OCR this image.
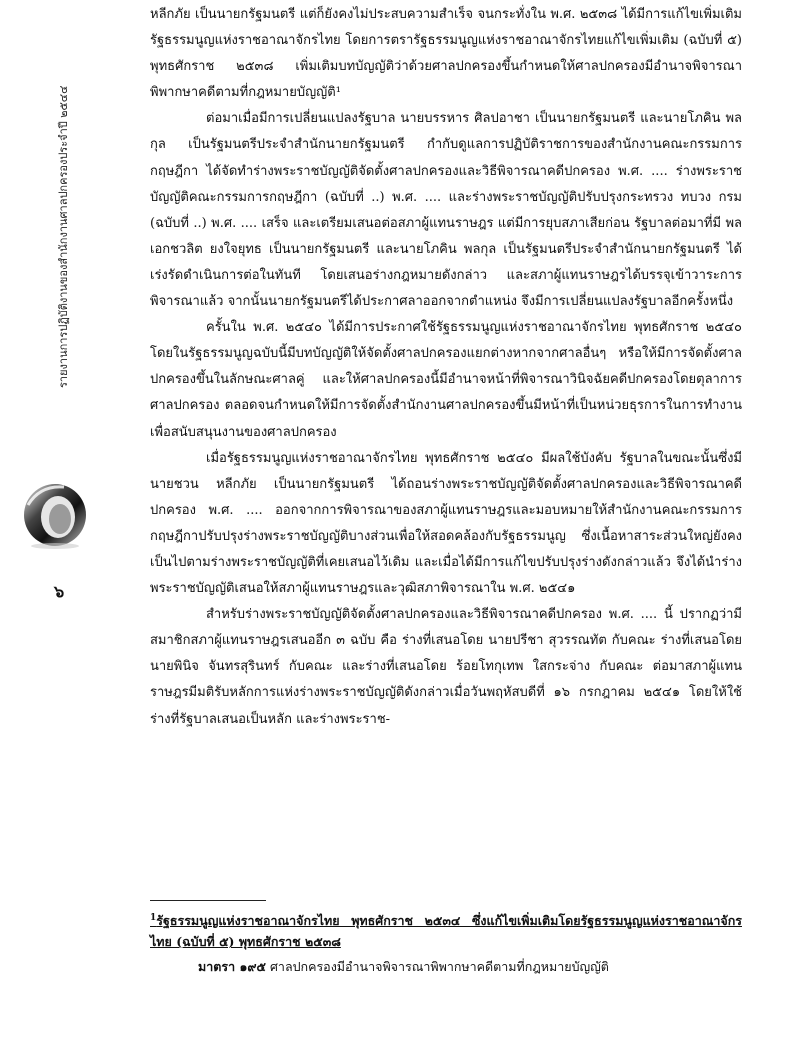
รายงานการปฏิบัติงานของสำนักงานศาลปกครองประจำปี ๒๕๔๔
๖

หลีกภัย เป็นนายกรัฐมนตรี แต่ก็ยังคงไม่ประสบความสำเร็จ จนกระทั่งใน พ.ศ. ๒๕๓๘ ได้มีการแก้ไขเพิ่มเติมรัฐธรรมนูญแห่งราชอาณาจักรไทย โดยการตรารัฐธรรมนูญแห่งราชอาณาจักรไทยแก้ไขเพิ่มเติม (ฉบับที่ ๕) พุทธศักราช ๒๕๓๘ เพิ่มเติมบทบัญญัติว่าด้วยศาลปกครองขึ้นกำหนดให้ศาลปกครองมีอำนาจพิจารณาพิพากษาคดีตามที่กฎหมายบัญญัติ¹

ต่อมาเมื่อมีการเปลี่ยนแปลงรัฐบาล นายบรรหาร ศิลปอาชา เป็นนายกรัฐมนตรี และนายโภคิน พลกุล เป็นรัฐมนตรีประจำสำนักนายกรัฐมนตรี กำกับดูแลการปฏิบัติราชการของสำนักงานคณะกรรมการกฤษฎีกา ได้จัดทำร่างพระราชบัญญัติจัดตั้งศาลปกครองและวิธีพิจารณาคดีปกครอง พ.ศ. .... ร่างพระราชบัญญัติคณะกรรมการกฤษฎีกา (ฉบับที่ ..) พ.ศ. .... และร่างพระราชบัญญัติปรับปรุงกระทรวง ทบวง กรม (ฉบับที่ ..) พ.ศ. .... เสร็จ และเตรียมเสนอต่อสภาผู้แทนราษฎร แต่มีการยุบสภาเสียก่อน รัฐบาลต่อมาที่มี พลเอกชวลิต ยงใจยุทธ เป็นนายกรัฐมนตรี และนายโภคิน พลกุล เป็นรัฐมนตรีประจำสำนักนายกรัฐมนตรี ได้เร่งรัดดำเนินการต่อในทันที โดยเสนอร่างกฎหมายดังกล่าว และสภาผู้แทนราษฎรได้บรรจุเข้าวาระการพิจารณาแล้ว จากนั้นนายกรัฐมนตรีได้ประกาศลาออกจากตำแหน่ง จึงมีการเปลี่ยนแปลงรัฐบาลอีกครั้งหนึ่ง

ครั้นใน พ.ศ. ๒๕๔๐ ได้มีการประกาศใช้รัฐธรรมนูญแห่งราชอาณาจักรไทย พุทธศักราช ๒๕๔๐ โดยในรัฐธรรมนูญฉบับนี้มีบทบัญญัติให้จัดตั้งศาลปกครองแยกต่างหากจากศาลอื่นๆ หรือให้มีการจัดตั้งศาลปกครองขึ้นในลักษณะศาลคู่ และให้ศาลปกครองนี้มีอำนาจหน้าที่พิจารณาวินิจฉัยคดีปกครองโดยตุลาการศาลปกครอง ตลอดจนกำหนดให้มีการจัดตั้งสำนักงานศาลปกครองขึ้นมีหน้าที่เป็นหน่วยธุรการในการทำงานเพื่อสนับสนุนงานของศาลปกครอง

เมื่อรัฐธรรมนูญแห่งราชอาณาจักรไทย พุทธศักราช ๒๕๔๐ มีผลใช้บังคับ รัฐบาลในขณะนั้นซึ่งมีนายชวน หลีกภัย เป็นนายกรัฐมนตรี ได้ถอนร่างพระราชบัญญัติจัดตั้งศาลปกครองและวิธีพิจารณาคดีปกครอง พ.ศ. .... ออกจากการพิจารณาของสภาผู้แทนราษฎรและมอบหมายให้สำนักงานคณะกรรมการกฤษฎีกาปรับปรุงร่างพระราชบัญญัติบางส่วนเพื่อให้สอดคล้องกับรัฐธรรมนูญ ซึ่งเนื้อหาสาระส่วนใหญ่ยังคงเป็นไปตามร่างพระราชบัญญัติที่เคยเสนอไว้เดิม และเมื่อได้มีการแก้ไขปรับปรุงร่างดังกล่าวแล้ว จึงได้นำร่างพระราชบัญญัติเสนอให้สภาผู้แทนราษฎรและวุฒิสภาพิจารณาใน พ.ศ. ๒๕๔๑

สำหรับร่างพระราชบัญญัติจัดตั้งศาลปกครองและวิธีพิจารณาคดีปกครอง พ.ศ. .... นี้ ปรากฏว่ามีสมาชิกสภาผู้แทนราษฎรเสนออีก ๓ ฉบับ คือ ร่างที่เสนอโดย นายปรีชา สุวรรณทัต กับคณะ ร่างที่เสนอโดย นายพินิจ จันทรสุรินทร์ กับคณะ และร่างที่เสนอโดย ร้อยโทกุเทพ ใสกระจ่าง กับคณะ ต่อมาสภาผู้แทนราษฎรมีมติรับหลักการแห่งร่างพระราชบัญญัติดังกล่าวเมื่อวันพฤหัสบดีที่ ๑๖ กรกฎาคม ๒๕๔๑ โดยให้ใช้ร่างที่รัฐบาลเสนอเป็นหลัก และร่างพระราช-

$^1$รัฐธรรมนูญแห่งราชอาณาจักรไทย พุทธศักราช ๒๕๓๔ ซึ่งแก้ไขเพิ่มเติมโดยรัฐธรรมนูญแห่งราชอาณาจักรไทย (ฉบับที่ ๕) พุทธศักราช ๒๕๓๘
มาตรา ๑๙๕ ศาลปกครองมีอำนาจพิจารณาพิพากษาคดีตามที่กฎหมายบัญญัติ
